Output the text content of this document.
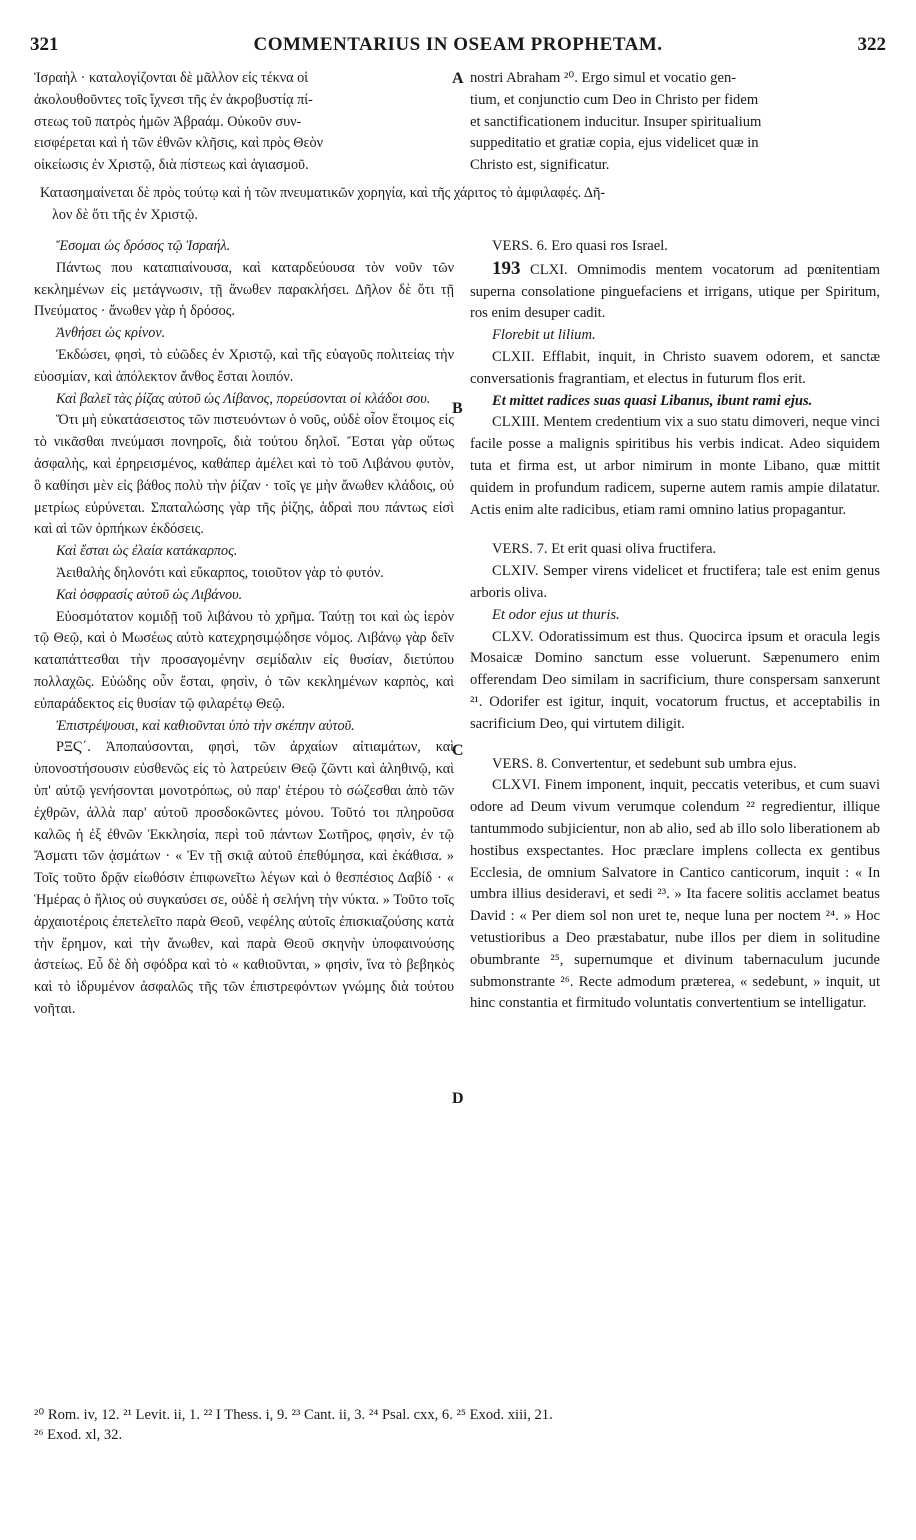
321	COMMENTARIUS IN OSEAM PROPHETAM.	322
Ἰσραὴλ · καταλογίζονται δὲ μᾶλλον εἰς τέκνα οἱ
ἀκολουθοῦντες τοῖς ἴχνεσι τῆς ἐν ἀκροβυστίᾳ πί-
στεως τοῦ πατρὸς ἡμῶν Ἀβραάμ. Οὐκοῦν συν-
εισφέρεται καὶ ἡ τῶν ἐθνῶν κλῆσις, καὶ πρὸς Θεὸν
οἰκείωσις ἐν Χριστῷ, διὰ πίστεως καὶ ἁγιασμοῦ.
nostri Abraham ²⁰. Ergo simul et vocatio gen-
tium, et conjunctio cum Deo in Christo per fidem
et sanctificationem inducitur. Insuper spiritualium
suppeditatio et gratiæ copia, ejus videlicet quæ in
Christo est, significatur.
Κατασημαίνεται δὲ πρὸς τούτῳ καὶ ἡ τῶν πνευματικῶν χορηγία, καὶ τῆς χάριτος τὸ ἀμφιλαφές. Δῆ-
λον δὲ ὅτι τῆς ἐν Χριστῷ.
A
B
C
D
Ἔσομαι ὡς δρόσος τῷ Ἰσραήλ.
Πάντως που καταπιαίνουσα, καὶ καταρδεύουσα τὸν νοῦν τῶν κεκλημένων εἰς μετάγνωσιν, τῇ ἄνωθεν παρακλήσει. Δῆλον δὲ ὅτι τῇ Πνεύματος · ἄνωθεν γὰρ ἡ δρόσος.
Ἀνθήσει ὡς κρίνον.
Ἐκδώσει, φησὶ, τὸ εὐῶδες ἐν Χριστῷ, καὶ τῆς εὐαγοῦς πολιτείας τὴν εὐοσμίαν, καὶ ἀπόλεκτον ἄνθος ἔσται λοιπόν.
Καὶ βαλεῖ τὰς ῥίζας αὐτοῦ ὡς Λίβανος, πορεύσονται οἱ κλάδοι σου.
Ὅτι μὴ εὐκατάσειστος τῶν πιστευόντων ὁ νοῦς, οὐδὲ οἷον ἕτοιμος εἰς τὸ νικᾶσθαι πνεύμασι πονηροῖς, διὰ τούτου δηλοῖ. Ἔσται γὰρ οὕτως ἀσφαλὴς, καὶ ἐρηρεισμένος, καθάπερ ἀμέλει καὶ τὸ τοῦ Λιβάνου φυτὸν, ὃ καθίησι μὲν εἰς βάθος πολὺ τὴν ῥίζαν · τοῖς γε μὴν ἄνωθεν κλάδοις, οὐ μετρίως εὐρύνεται. Σπαταλώσης γὰρ τῆς ῥίζης, ἁδραὶ που πάντως εἰσὶ καὶ αἱ τῶν ὀρπήκων ἐκδόσεις.
Καὶ ἔσται ὡς ἐλαία κατάκαρπος.
Ἀειθαλὴς δηλονότι καὶ εὔκαρπος, τοιοῦτον γὰρ τὸ φυτόν.
Καὶ ὀσφρασίς αὐτοῦ ὡς Λιβάνου.
Εὐοσμότατον κομιδῇ τοῦ λιβάνου τὸ χρῆμα. Ταύτῃ τοι καὶ ὡς ἱερὸν τῷ Θεῷ, καὶ ὁ Μωσέως αὐτὸ κατεχρησιμῴδησε νόμος. Λιβάνῳ γὰρ δεῖν καταπάττεσθαι τὴν προσαγομένην σεμίδαλιν εἰς θυσίαν, διετύπου πολλαχῶς. Εὐώδης οὖν ἔσται, φησὶν, ὁ τῶν κεκλημένων καρπὸς, καὶ εὐπαράδεκτος εἰς θυσίαν τῷ φιλαρέτῳ Θεῷ.
Ἐπιστρέψουσι, καὶ καθιοῦνται ὑπὸ τὴν σκέπην αὐτοῦ.
ΡΞϚ΄. Ἀποπαύσονται, φησὶ, τῶν ἀρχαίων αἰτιαμάτων, καὶ ὑπονοστήσουσιν εὐσθενῶς εἰς τὸ λατρεύειν Θεῷ ζῶντι καὶ ἀληθινῷ, καὶ ὑπ' αὐτῷ γενήσονται μονοτρόπως, οὐ παρ' ἑτέρου τὸ σώζεσθαι ἀπὸ τῶν ἐχθρῶν, ἀλλὰ παρ' αὐτοῦ προσδοκῶντες μόνου. Τοῦτό τοι πληροῦσα καλῶς ἡ ἐξ ἐθνῶν Ἐκκλησία, περὶ τοῦ πάντων Σωτῆρος, φησὶν, ἐν τῷ Ἄσματι τῶν ᾀσμάτων · « Ἐν τῇ σκιᾷ αὐτοῦ ἐπεθύμησα, καὶ ἐκάθισα. » Τοῖς τοῦτο δρᾷν εἰωθόσιν ἐπιφωνεῖτω λέγων καὶ ὁ θεσπέσιος Δαβίδ · « Ἡμέρας ὁ ἥλιος οὐ συγκαύσει σε, οὐδὲ ἡ σελήνη τὴν νύκτα. » Τοῦτο τοῖς ἀρχαιοτέροις ἐπετελεῖτο παρὰ Θεοῦ, νεφέλης αὐτοῖς ἐπισκιαζούσης κατὰ τὴν ἔρημον, καὶ τὴν ἄνωθεν, καὶ παρὰ Θεοῦ σκηνὴν ὑποφαινούσης ἀστείως. Εὖ δὲ δὴ σφόδρα καὶ τὸ « καθιοῦνται, » φησὶν, ἵνα τὸ βεβηκὸς καὶ τὸ ἱδρυμένον ἀσφαλῶς τῆς τῶν ἐπιστρεφόντων γνώμης διὰ τούτου νοῆται.
VERS. 6. Ero quasi ros Israel.
193 CLXI. Omnimodis mentem vocatorum ad pœnitentiam superna consolatione pinguefaciens et irrigans, utique per Spiritum, ros enim desuper cadit.
Florebit ut lilium.
CLXII. Efflabit, inquit, in Christo suavem odorem, et sanctæ conversationis fragrantiam, et electus in futurum flos erit.
Et mittet radices suas quasi Libanus, ibunt rami ejus.
CLXIII. Mentem credentium vix a suo statu dimoveri, neque vinci facile posse a malignis spiritibus his verbis indicat. Adeo siquidem tuta et firma est, ut arbor nimirum in monte Libano, quæ mittit quidem in profundum radicem, superne autem ramis ampie dilatatur. Actis enim alte radicibus, etiam rami omnino latius propagantur.
VERS. 7. Et erit quasi oliva fructifera.
CLXIV. Semper virens videlicet et fructifera; tale est enim genus arboris oliva.
Et odor ejus ut thuris.
CLXV. Odoratissimum est thus. Quocirca ipsum et oracula legis Mosaicæ Domino sanctum esse voluerunt. Sæpenumero enim offerendam Deo similam in sacrificium, thure conspersam sanxerunt ²¹. Odorifer est igitur, inquit, vocatorum fructus, et acceptabilis in sacrificium Deo, qui virtutem diligit.
VERS. 8. Convertentur, et sedebunt sub umbra ejus.
CLXVI. Finem imponent, inquit, peccatis veteribus, et cum suavi odore ad Deum vivum verumque colendum ²² regredientur, illique tantummodo subjicientur, non ab alio, sed ab illo solo liberationem ab hostibus exspectantes. Hoc præclare implens collecta ex gentibus Ecclesia, de omnium Salvatore in Cantico canticorum, inquit : « In umbra illius desideravi, et sedi ²³. » Ita facere solitis acclamet beatus David : « Per diem sol non uret te, neque luna per noctem ²⁴. » Hoc vetustioribus a Deo præstabatur, nube illos per diem in solitudine obumbrante ²⁵, supernumque et divinum tabernaculum jucunde submonstrante ²⁶. Recte admodum præterea, « sedebunt, » inquit, ut hinc constantia et firmitudo voluntatis convertentium se intelligatur.
²⁰ Rom. iv, 12. ²¹ Levit. ii, 1. ²² I Thess. i, 9. ²³ Cant. ii, 3. ²⁴ Psal. cxx, 6. ²⁵ Exod. xiii, 21.
²⁶ Exod. xl, 32.
